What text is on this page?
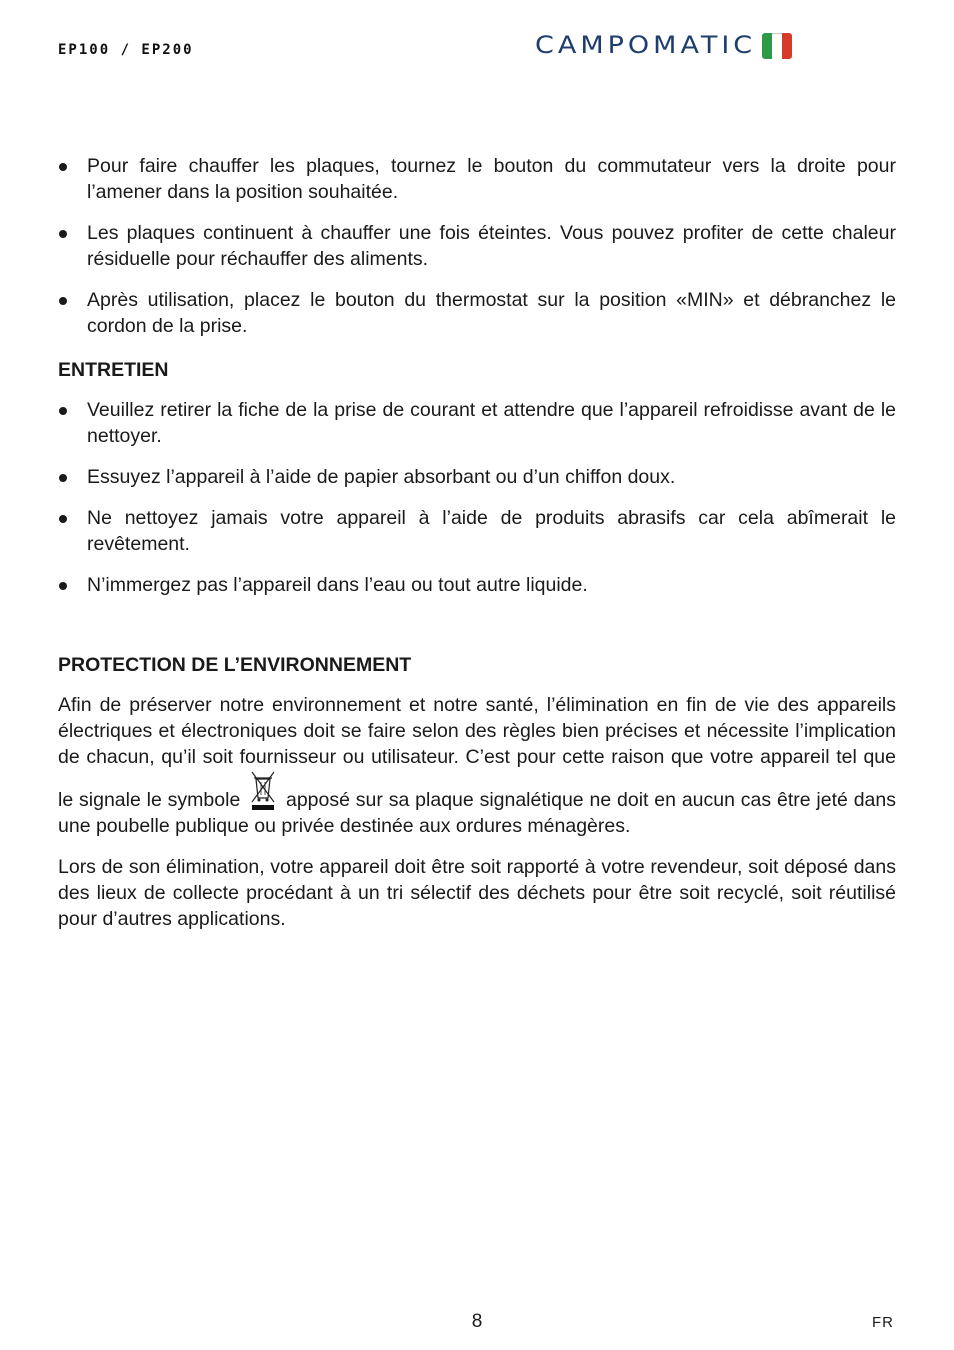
EP100 / EP200	CAMPOMATIC
Pour faire chauffer les plaques, tournez le bouton du commutateur vers la droite pour l’amener dans la position souhaitée.
Les plaques continuent à chauffer une fois éteintes. Vous pouvez profiter de cette chaleur résiduelle pour réchauffer des aliments.
Après utilisation, placez le bouton du thermostat sur la position «MIN» et débranchez le cordon de la prise.
ENTRETIEN
Veuillez retirer la fiche de la prise de courant et attendre que l’appareil refroidisse avant de le nettoyer.
Essuyez l’appareil à l’aide de papier absorbant ou d’un chiffon doux.
Ne nettoyez jamais votre appareil à l’aide de produits abrasifs car cela abîmerait le revêtement.
N’immergez pas l’appareil dans l’eau ou tout autre liquide.
PROTECTION DE L’ENVIRONNEMENT

Afin de préserver notre environnement et notre santé, l’élimination en fin de vie des appareils électriques et électroniques doit se faire selon des règles bien précises et nécessite l’implication de chacun, qu’il soit fournisseur ou utilisateur. C’est pour cette raison que votre appareil tel que le signale le symbole apposé sur sa plaque signalétique ne doit en aucun cas être jeté dans une poubelle publique ou privée destinée aux ordures ménagères.

Lors de son élimination, votre appareil doit être soit rapporté à votre revendeur, soit déposé dans des lieux de collecte procédant à un tri sélectif des déchets pour être soit recyclé, soit réutilisé pour d’autres applications.

8	FR
